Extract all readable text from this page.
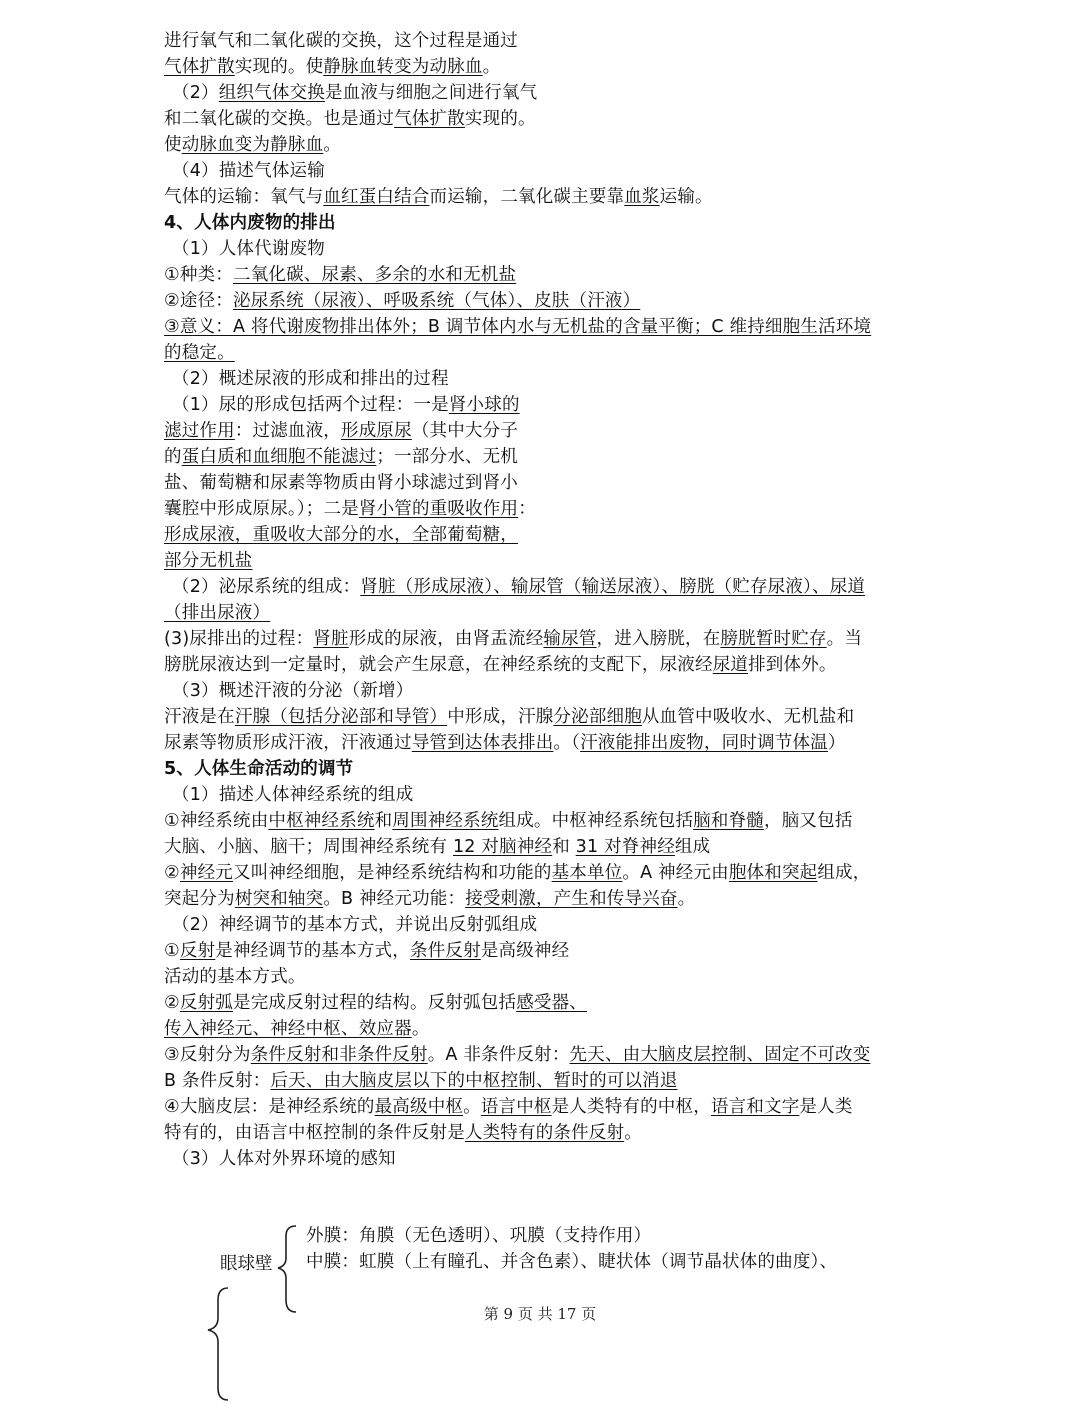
进行氧气和二氧化碳的交换，这个过程是通过
气体扩散实现的。使静脉血转变为动脉血。
（2）组织气体交换是血液与细胞之间进行氧气
和二氧化碳的交换。也是通过气体扩散实现的。
使动脉血变为静脉血。
（4）描述气体运输
气体的运输：氧气与血红蛋白结合而运输，二氧化碳主要靠血浆运输。
4、人体内废物的排出
（1）人体代谢废物
①种类：二氧化碳、尿素、多余的水和无机盐
②途径：泌尿系统（尿液）、呼吸系统（气体）、皮肤（汗液）
③意义：A 将代谢废物排出体外；B 调节体内水与无机盐的含量平衡；C 维持细胞生活环境
的稳定。
（2）概述尿液的形成和排出的过程
（1）尿的形成包括两个过程：一是肾小球的
滤过作用：过滤血液，形成原尿（其中大分子
的蛋白质和血细胞不能滤过；一部分水、无机
盐、葡萄糖和尿素等物质由肾小球滤过到肾小
囊腔中形成原尿。）；二是肾小管的重吸收作用：
形成尿液，重吸收大部分的水，全部葡萄糖，
部分无机盐
（2）泌尿系统的组成：肾脏（形成尿液）、输尿管（输送尿液）、膀胱（贮存尿液）、尿道
（排出尿液）
(3)尿排出的过程：肾脏形成的尿液，由肾盂流经输尿管，进入膀胱，在膀胱暂时贮存。当
膀胱尿液达到一定量时，就会产生尿意，在神经系统的支配下，尿液经尿道排到体外。
（3）概述汗液的分泌（新增）
汗液是在汗腺（包括分泌部和导管）中形成，汗腺分泌部细胞从血管中吸收水、无机盐和
尿素等物质形成汗液，汗液通过导管到达体表排出。（汗液能排出废物，同时调节体温）
5、人体生命活动的调节
（1）描述人体神经系统的组成
①神经系统由中枢神经系统和周围神经系统组成。中枢神经系统包括脑和脊髓，脑又包括
大脑、小脑、脑干；周围神经系统有 12 对脑神经和 31 对脊神经组成
②神经元又叫神经细胞，是神经系统结构和功能的基本单位。A 神经元由胞体和突起组成，
突起分为树突和轴突。B 神经元功能：接受刺激，产生和传导兴奋。
（2）神经调节的基本方式，并说出反射弧组成
①反射是神经调节的基本方式，条件反射是高级神经
活动的基本方式。
②反射弧是完成反射过程的结构。反射弧包括感受器、
传入神经元、神经中枢、效应器。
③反射分为条件反射和非条件反射。A 非条件反射：先天、由大脑皮层控制、固定不可改变
B 条件反射：后天、由大脑皮层以下的中枢控制、暂时的可以消退
④大脑皮层：是神经系统的最高级中枢。语言中枢是人类特有的中枢，语言和文字是人类
特有的，由语言中枢控制的条件反射是人类特有的条件反射。
（3）人体对外界环境的感知
外膜：角膜（无色透明）、巩膜（支持作用）
中膜：虹膜（上有瞳孔、并含色素）、睫状体（调节晶状体的曲度）、
眼球壁
第 9 页 共 17 页
